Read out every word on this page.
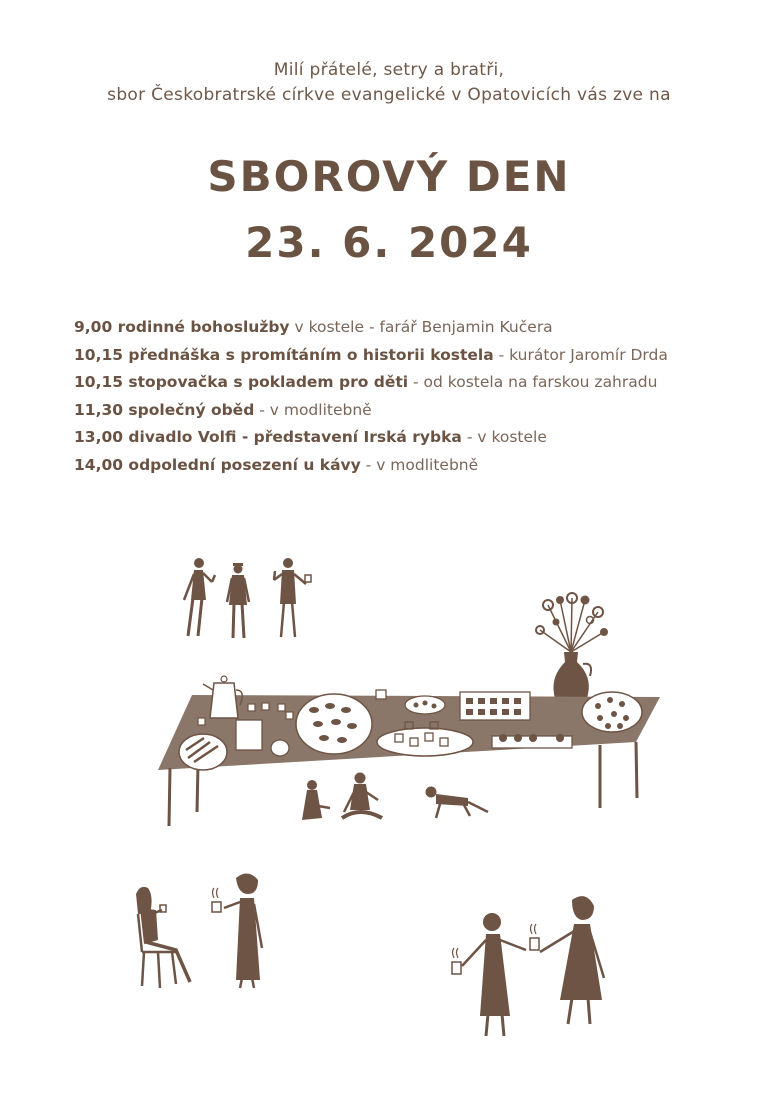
Milí přátelé, setry a bratři,
sbor Českobratrské církve evangelické v Opatovicích vás zve na
SBOROVÝ DEN
23. 6. 2024
9,00 rodinné bohoslužby v kostele - farář Benjamin Kučera
10,15 přednáška s promítáním o historii kostela - kurátor Jaromír Drda
10,15 stopovačka s pokladem pro děti - od kostela na farskou zahradu
11,30 společný oběd - v modlitebně
13,00 divadlo Volfi - představení Irská rybka - v kostele
14,00 odpolední posezení u kávy - v modlitebně
